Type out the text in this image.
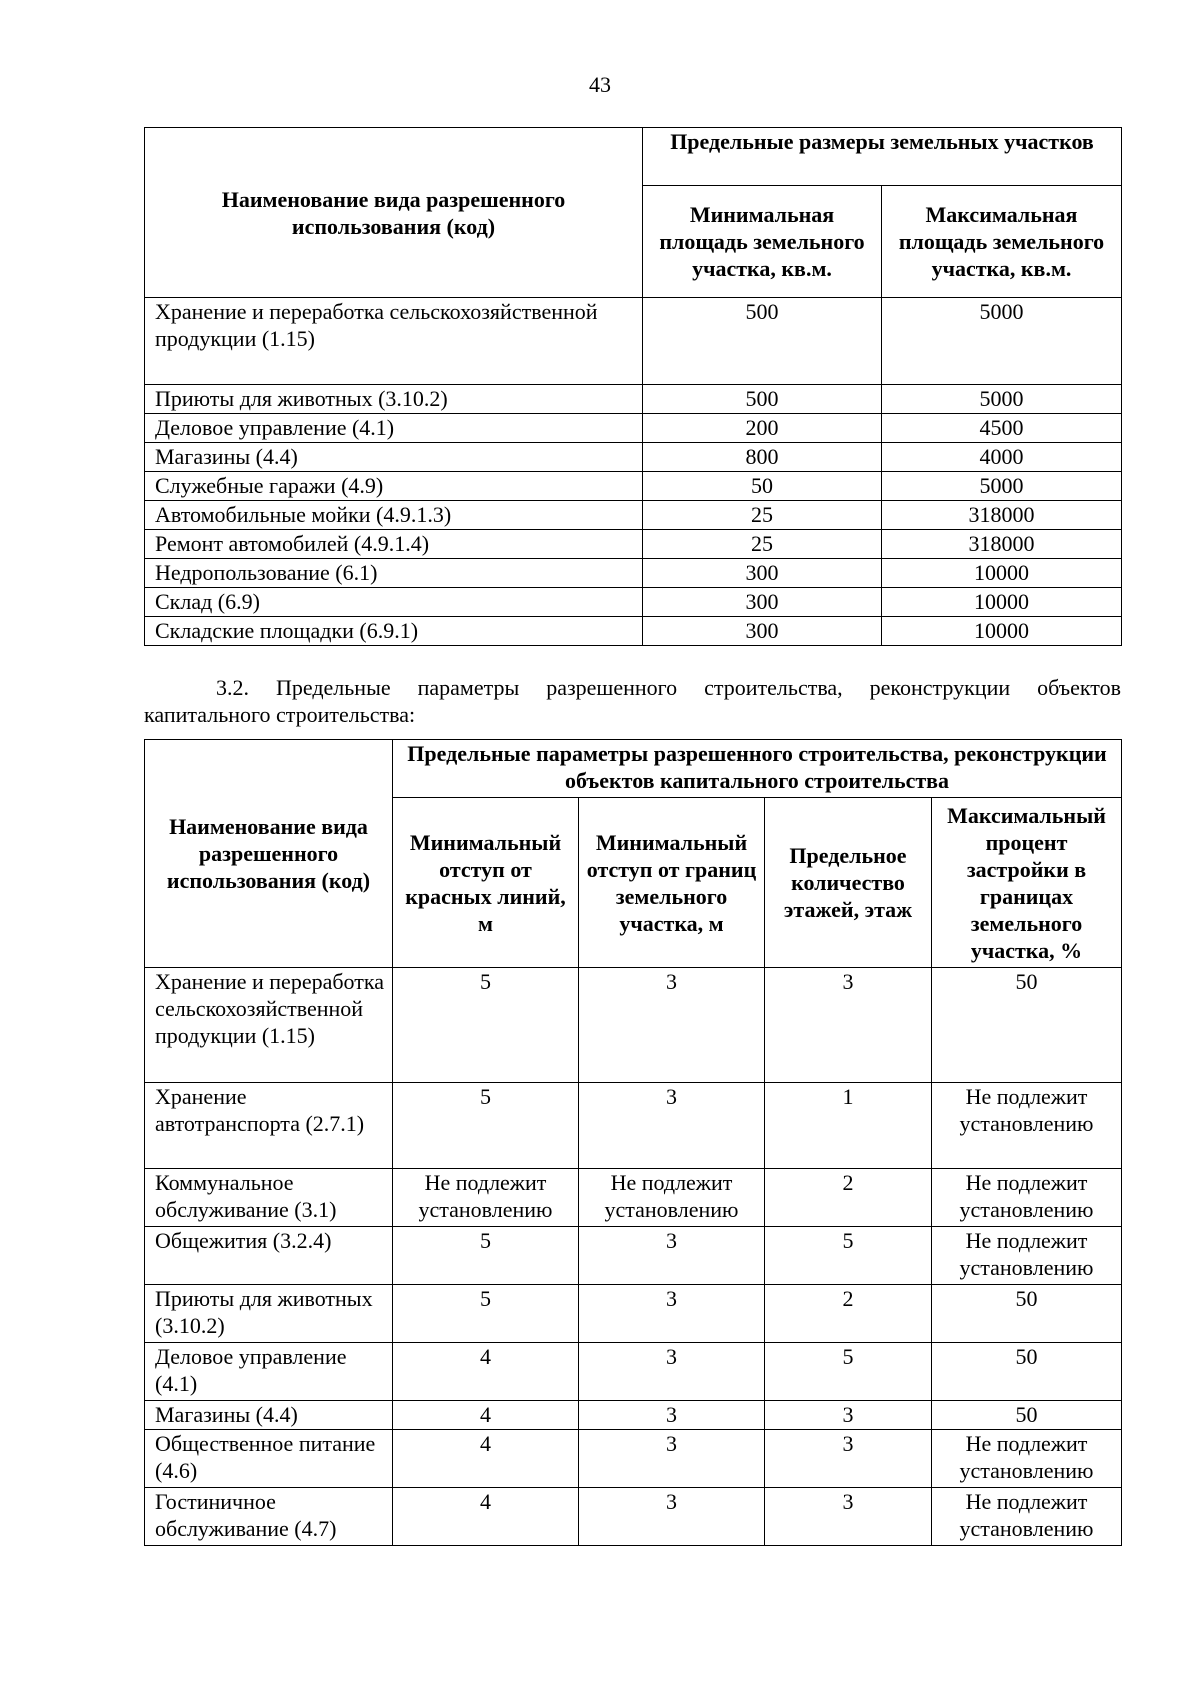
43
Наименование вида разрешенного использования (код)	Предельные размеры земельных участков	
	Минимальная площадь земельного участка, кв.м.	Максимальная площадь земельного участка, кв.м.
Хранение и переработка сельскохозяйственной продукции (1.15)	500	5000
Приюты для животных (3.10.2)	500	5000
Деловое управление (4.1)	200	4500
Магазины (4.4)	800	4000
Служебные гаражи (4.9)	50	5000
Автомобильные мойки (4.9.1.3)	25	318000
Ремонт автомобилей (4.9.1.4)	25	318000
Недропользование (6.1)	300	10000
Склад (6.9)	300	10000
Складские площадки (6.9.1)	300	10000

3.2. Предельные параметры разрешенного строительства, реконструкции объектов капитального строительства:

Наименование вида разрешенного использования (код)	Предельные параметры разрешенного строительства, реконструкции объектов капитального строительства			
	Минимальный отступ от красных линий, м	Минимальный отступ от границ земельного участка, м	Предельное количество этажей, этаж	Максимальный процент застройки в границах земельного участка, %
Хранение и переработка сельскохозяйственной продукции (1.15)	5	3	3	50
Хранение автотранспорта (2.7.1)	5	3	1	Не подлежит установлению
Коммунальное обслуживание (3.1)	Не подлежит установлению	Не подлежит установлению	2	Не подлежит установлению
Общежития (3.2.4)	5	3	5	Не подлежит установлению
Приюты для животных (3.10.2)	5	3	2	50
Деловое управление (4.1)	4	3	5	50
Магазины (4.4)	4	3	3	50
Общественное питание (4.6)	4	3	3	Не подлежит установлению
Гостиничное обслуживание (4.7)	4	3	3	Не подлежит установлению
